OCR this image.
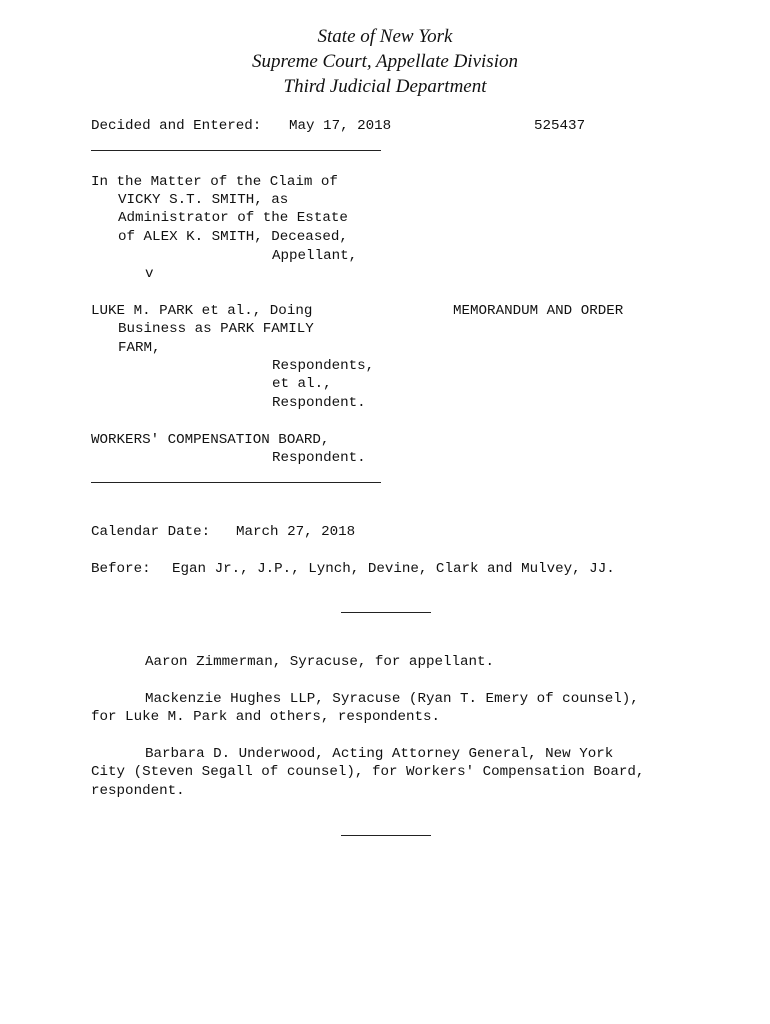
State of New York
Supreme Court, Appellate Division
Third Judicial Department
Decided and Entered: May 17, 2018	525437
In the Matter of the Claim of
VICKY S.T. SMITH, as
Administrator of the Estate
of ALEX K. SMITH, Deceased,
Appellant,
v
LUKE M. PARK et al., Doing	MEMORANDUM AND ORDER
Business as PARK FAMILY
FARM,
Respondents,
et al.,
Respondent.
WORKERS' COMPENSATION BOARD,
Respondent.
Calendar Date: March 27, 2018
Before: Egan Jr., J.P., Lynch, Devine, Clark and Mulvey, JJ.
Aaron Zimmerman, Syracuse, for appellant.
Mackenzie Hughes LLP, Syracuse (Ryan T. Emery of counsel),
for Luke M. Park and others, respondents.
Barbara D. Underwood, Acting Attorney General, New York
City (Steven Segall of counsel), for Workers' Compensation Board,
respondent.
